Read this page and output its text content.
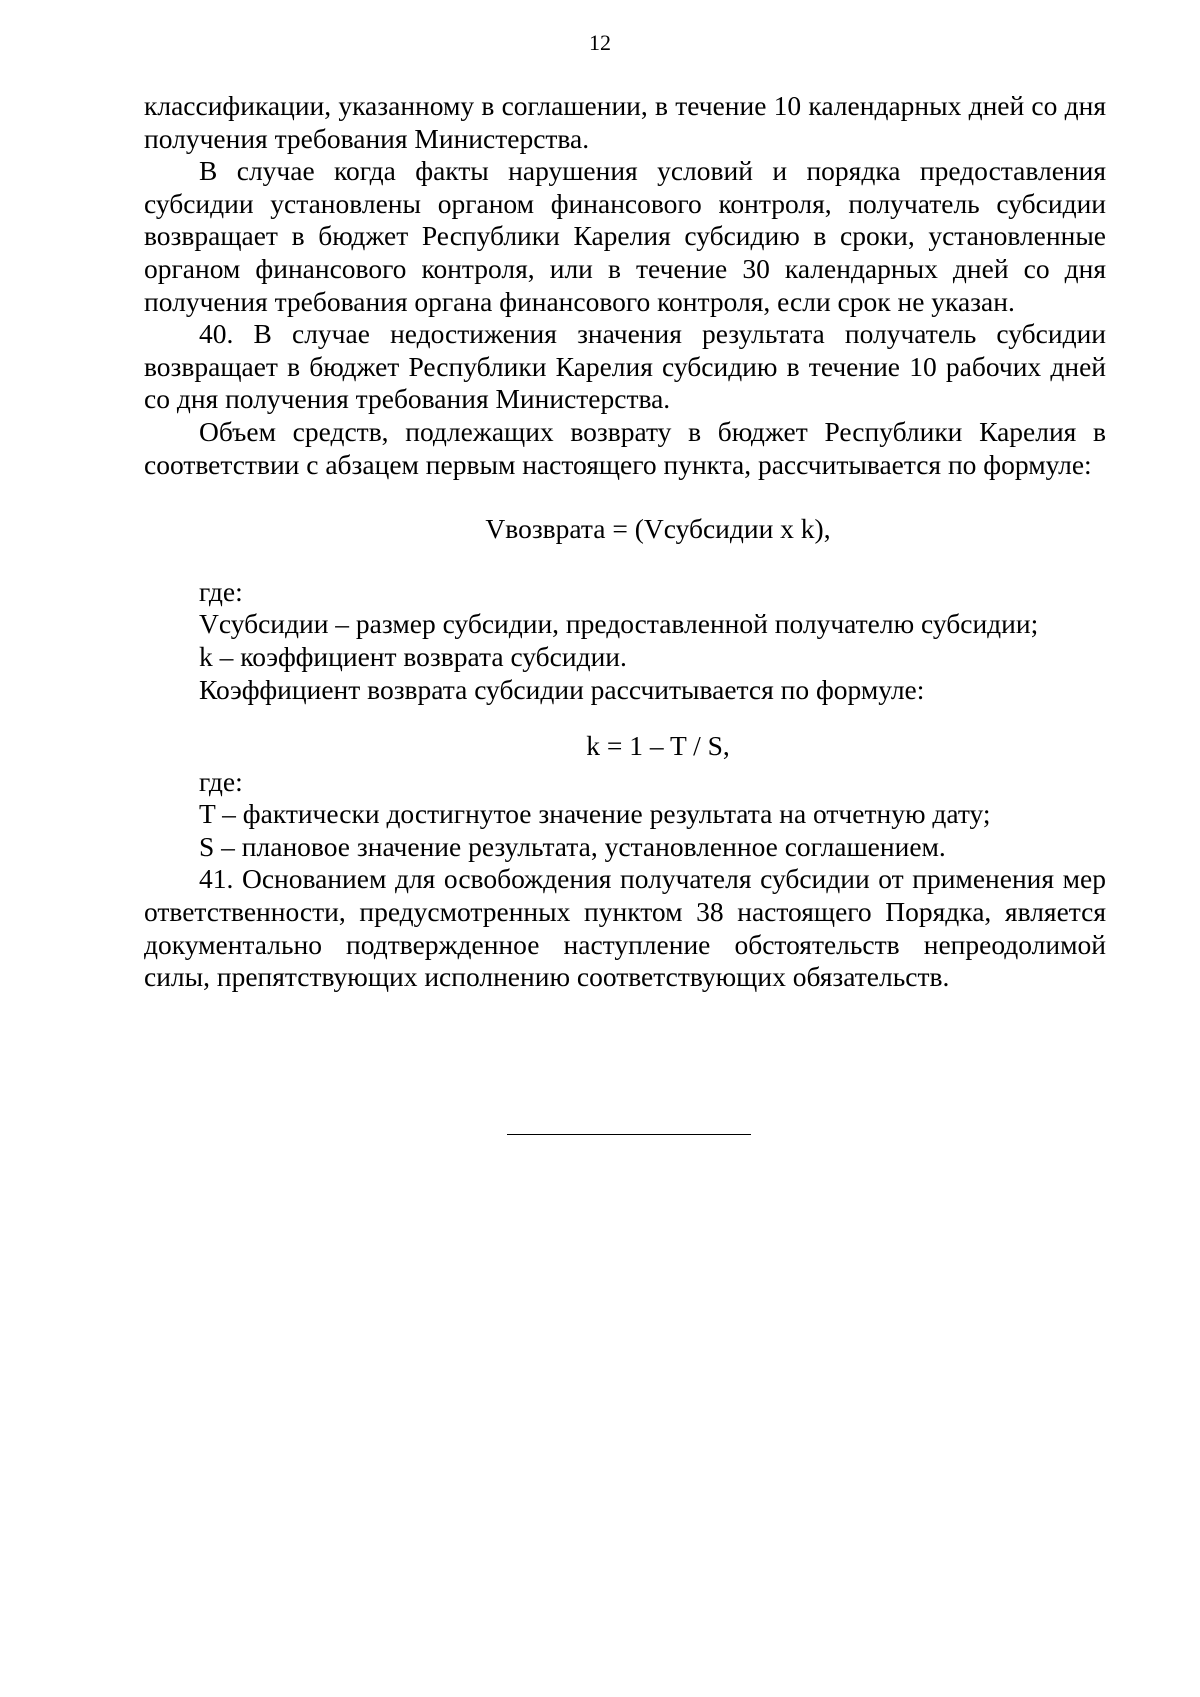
12

классификации, указанному в соглашении, в течение 10 календарных дней со дня получения требования Министерства.

В случае когда факты нарушения условий и порядка предоставления субсидии установлены органом финансового контроля, получатель субсидии возвращает в бюджет Республики Карелия субсидию в сроки, установленные органом финансового контроля, или в течение 30 календарных дней со дня получения требования органа финансового контроля, если срок не указан.

40. В случае недостижения значения результата получатель субсидии возвращает в бюджет Республики Карелия субсидию в течение 10 рабочих дней со дня получения требования Министерства.

Объем средств, подлежащих возврату в бюджет Республики Карелия в соответствии с абзацем первым настоящего пункта, рассчитывается по формуле:

Vвозврата = (Vсубсидии x k),

где:

Vсубсидии – размер субсидии, предоставленной получателю субсидии;

k – коэффициент возврата субсидии.

Коэффициент возврата субсидии рассчитывается по формуле:

k = 1 – T / S,

где:

T – фактически достигнутое значение результата на отчетную дату;

S – плановое значение результата, установленное соглашением.

41. Основанием для освобождения получателя субсидии от применения мер ответственности, предусмотренных пунктом 38 настоящего Порядка, является документально подтвержденное наступление обстоятельств непреодолимой силы, препятствующих исполнению соответствующих обязательств.
